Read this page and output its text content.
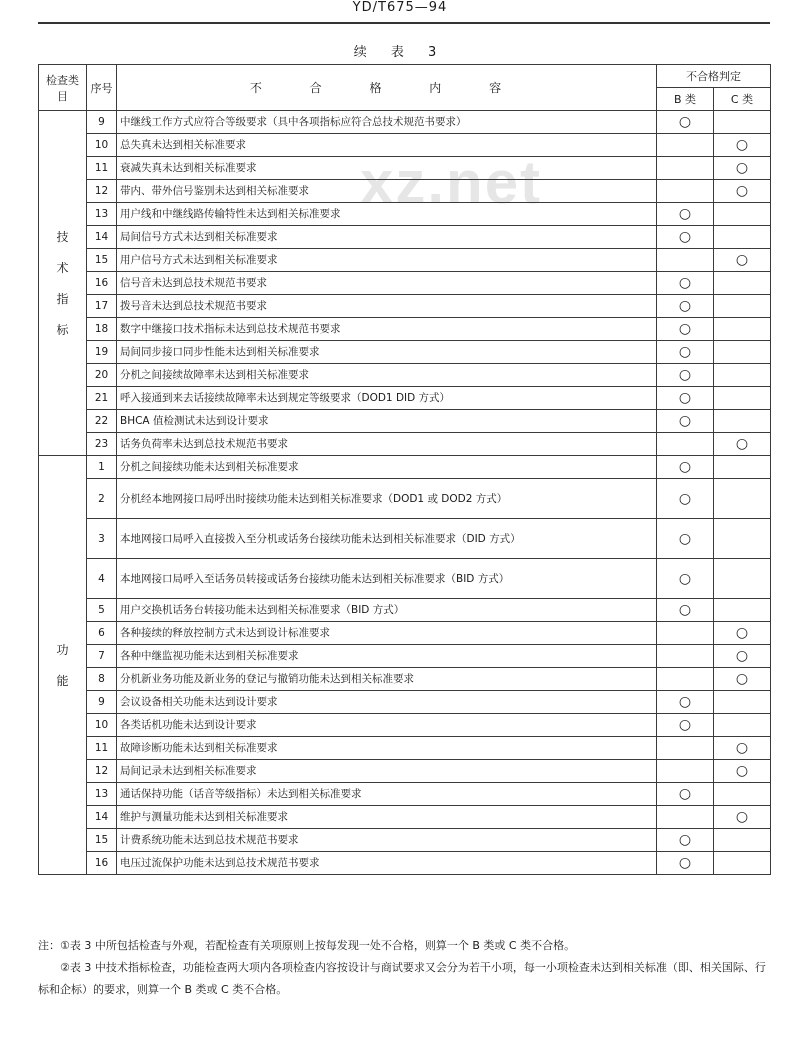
YD/T675—94
续 表 3
xz.net
检查类目	序号	不 合 格 内 容	不合格判定	
			B 类	C 类

技
术
指
标	9	中继线工作方式应符合等级要求（具中各项指标应符合总技术规范书要求）	○	
	10	总失真未达到相关标准要求		○
	11	衰减失真未达到相关标准要求		○
	12	带内、带外信号鉴别未达到相关标准要求		○
	13	用户线和中继线路传输特性未达到相关标准要求	○	
	14	局间信号方式未达到相关标准要求	○	
	15	用户信号方式未达到相关标准要求		○
	16	信号音未达到总技术规范书要求	○	
	17	拨号音未达到总技术规范书要求	○	
	18	数字中继接口技术指标未达到总技术规范书要求	○	
	19	局间同步接口同步性能未达到相关标准要求	○	
	20	分机之间接续故障率未达到相关标准要求	○	
	21	呼入接通到来去话接续故障率未达到规定等级要求（DOD1 DID 方式）	○	
	22	BHCA 值检测试未达到设计要求	○	
	23	话务负荷率未达到总技术规范书要求		○

功
能	1	分机之间接续功能未达到相关标准要求	○	
	2	分机经本地网接口局呼出时接续功能未达到相关标准要求（DOD1 或 DOD2 方式）	○	
	3	本地网接口局呼入直接拨入至分机或话务台接续功能未达到相关标准要求（DID 方式）	○	
	4	本地网接口局呼入至话务员转接或话务台接续功能未达到相关标准要求（BID 方式）	○	
	5	用户交换机话务台转接功能未达到相关标准要求（BID 方式）	○	
	6	各种接续的释放控制方式未达到设计标准要求		○
	7	各种中继监视功能未达到相关标准要求		○
	8	分机新业务功能及新业务的登记与撤销功能未达到相关标准要求		○
	9	会议设备相关功能未达到设计要求	○	
	10	各类话机功能未达到设计要求	○	
	11	故障诊断功能未达到相关标准要求		○
	12	局间记录未达到相关标准要求		○
	13	通话保持功能（话音等级指标）未达到相关标准要求	○	
	14	维护与测量功能未达到相关标准要求		○
	15	计费系统功能未达到总技术规范书要求	○	
	16	电压过流保护功能未达到总技术规范书要求	○	

注：①表 3 中所包括检查与外观，若配检查有关项原则上按每发现一处不合格，则算一个 B 类或 C 类不合格。

②表 3 中技术指标检查，功能检查两大项内各项检查内容按设计与商试要求又会分为若干小项，每一小项检查未达到相关标准（即、相关国际、行标和企标）的要求，则算一个 B 类或 C 类不合格。
